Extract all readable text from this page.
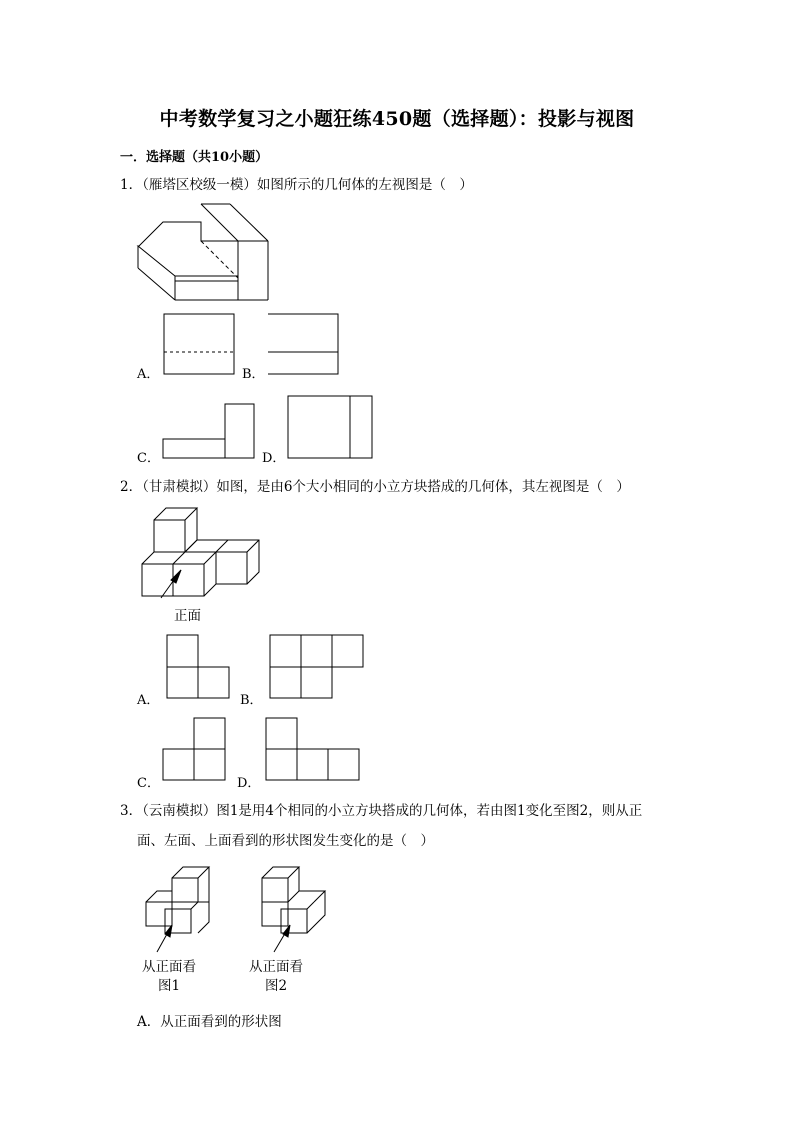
中考数学复习之小题狂练450题（选择题）：投影与视图
一．选择题（共10小题）
1．（雁塔区校级一模）如图所示的几何体的左视图是（　）
A．	B．
C．	D．
2．（甘肃模拟）如图，是由6个大小相同的小立方块搭成的几何体，其左视图是（　）
正面
A．	B．
C．	D．
3．（云南模拟）图1是用4个相同的小立方块搭成的几何体，若由图1变化至图2，则从正
面、左面、上面看到的形状图发生变化的是（　）
从正面看
图1
从正面看
图2
A．从正面看到的形状图
